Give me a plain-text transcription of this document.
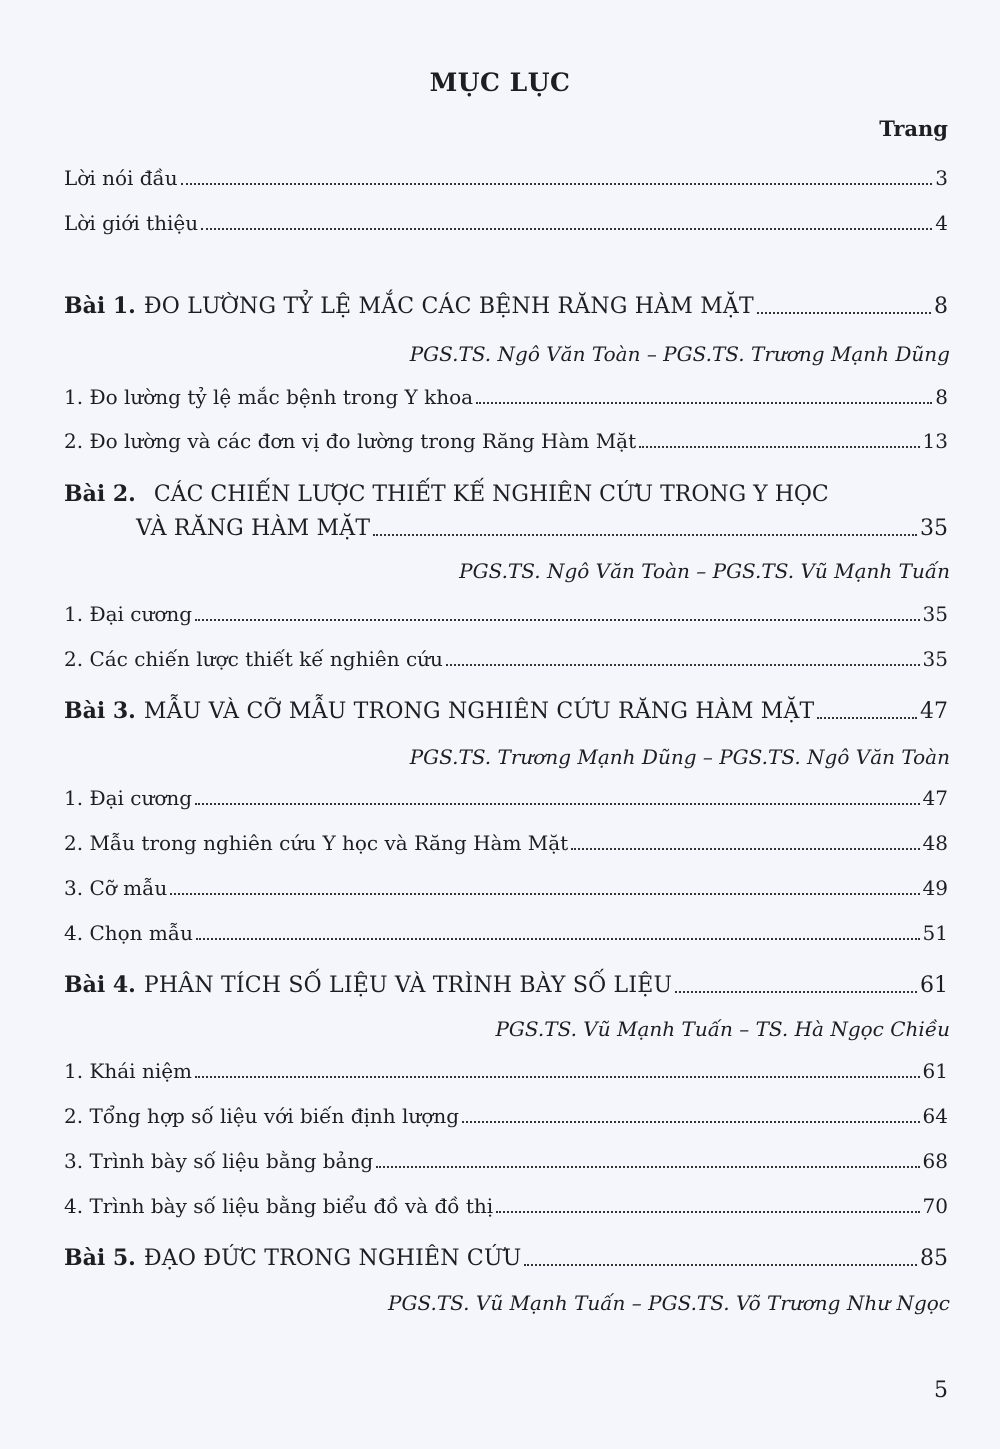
MỤC LỤC
Trang
Lời nói đầu	3
Lời giới thiệu	4
Bài 1. ĐO LƯỜNG TỶ LỆ MẮC CÁC BỆNH RĂNG HÀM MẶT	8
PGS.TS. Ngô Văn Toàn – PGS.TS. Trương Mạnh Dũng
1. Đo lường tỷ lệ mắc bệnh trong Y khoa	8
2. Đo lường và các đơn vị đo lường trong Răng Hàm Mặt	13
Bài 2. CÁC CHIẾN LƯỢC THIẾT KẾ NGHIÊN CỨU TRONG Y HỌC
VÀ RĂNG HÀM MẶT	35
PGS.TS. Ngô Văn Toàn – PGS.TS. Vũ Mạnh Tuấn
1. Đại cương	35
2. Các chiến lược thiết kế nghiên cứu	35
Bài 3. MẪU VÀ CỠ MẪU TRONG NGHIÊN CỨU RĂNG HÀM MẶT	47
PGS.TS. Trương Mạnh Dũng – PGS.TS. Ngô Văn Toàn
1. Đại cương	47
2. Mẫu trong nghiên cứu Y học và Răng Hàm Mặt	48
3. Cỡ mẫu	49
4. Chọn mẫu	51
Bài 4. PHÂN TÍCH SỐ LIỆU VÀ TRÌNH BÀY SỐ LIỆU	61
PGS.TS. Vũ Mạnh Tuấn – TS. Hà Ngọc Chiều
1. Khái niệm	61
2. Tổng hợp số liệu với biến định lượng	64
3. Trình bày số liệu bằng bảng	68
4. Trình bày số liệu bằng biểu đồ và đồ thị	70
Bài 5. ĐẠO ĐỨC TRONG NGHIÊN CỨU	85
PGS.TS. Vũ Mạnh Tuấn – PGS.TS. Võ Trương Như Ngọc
5
